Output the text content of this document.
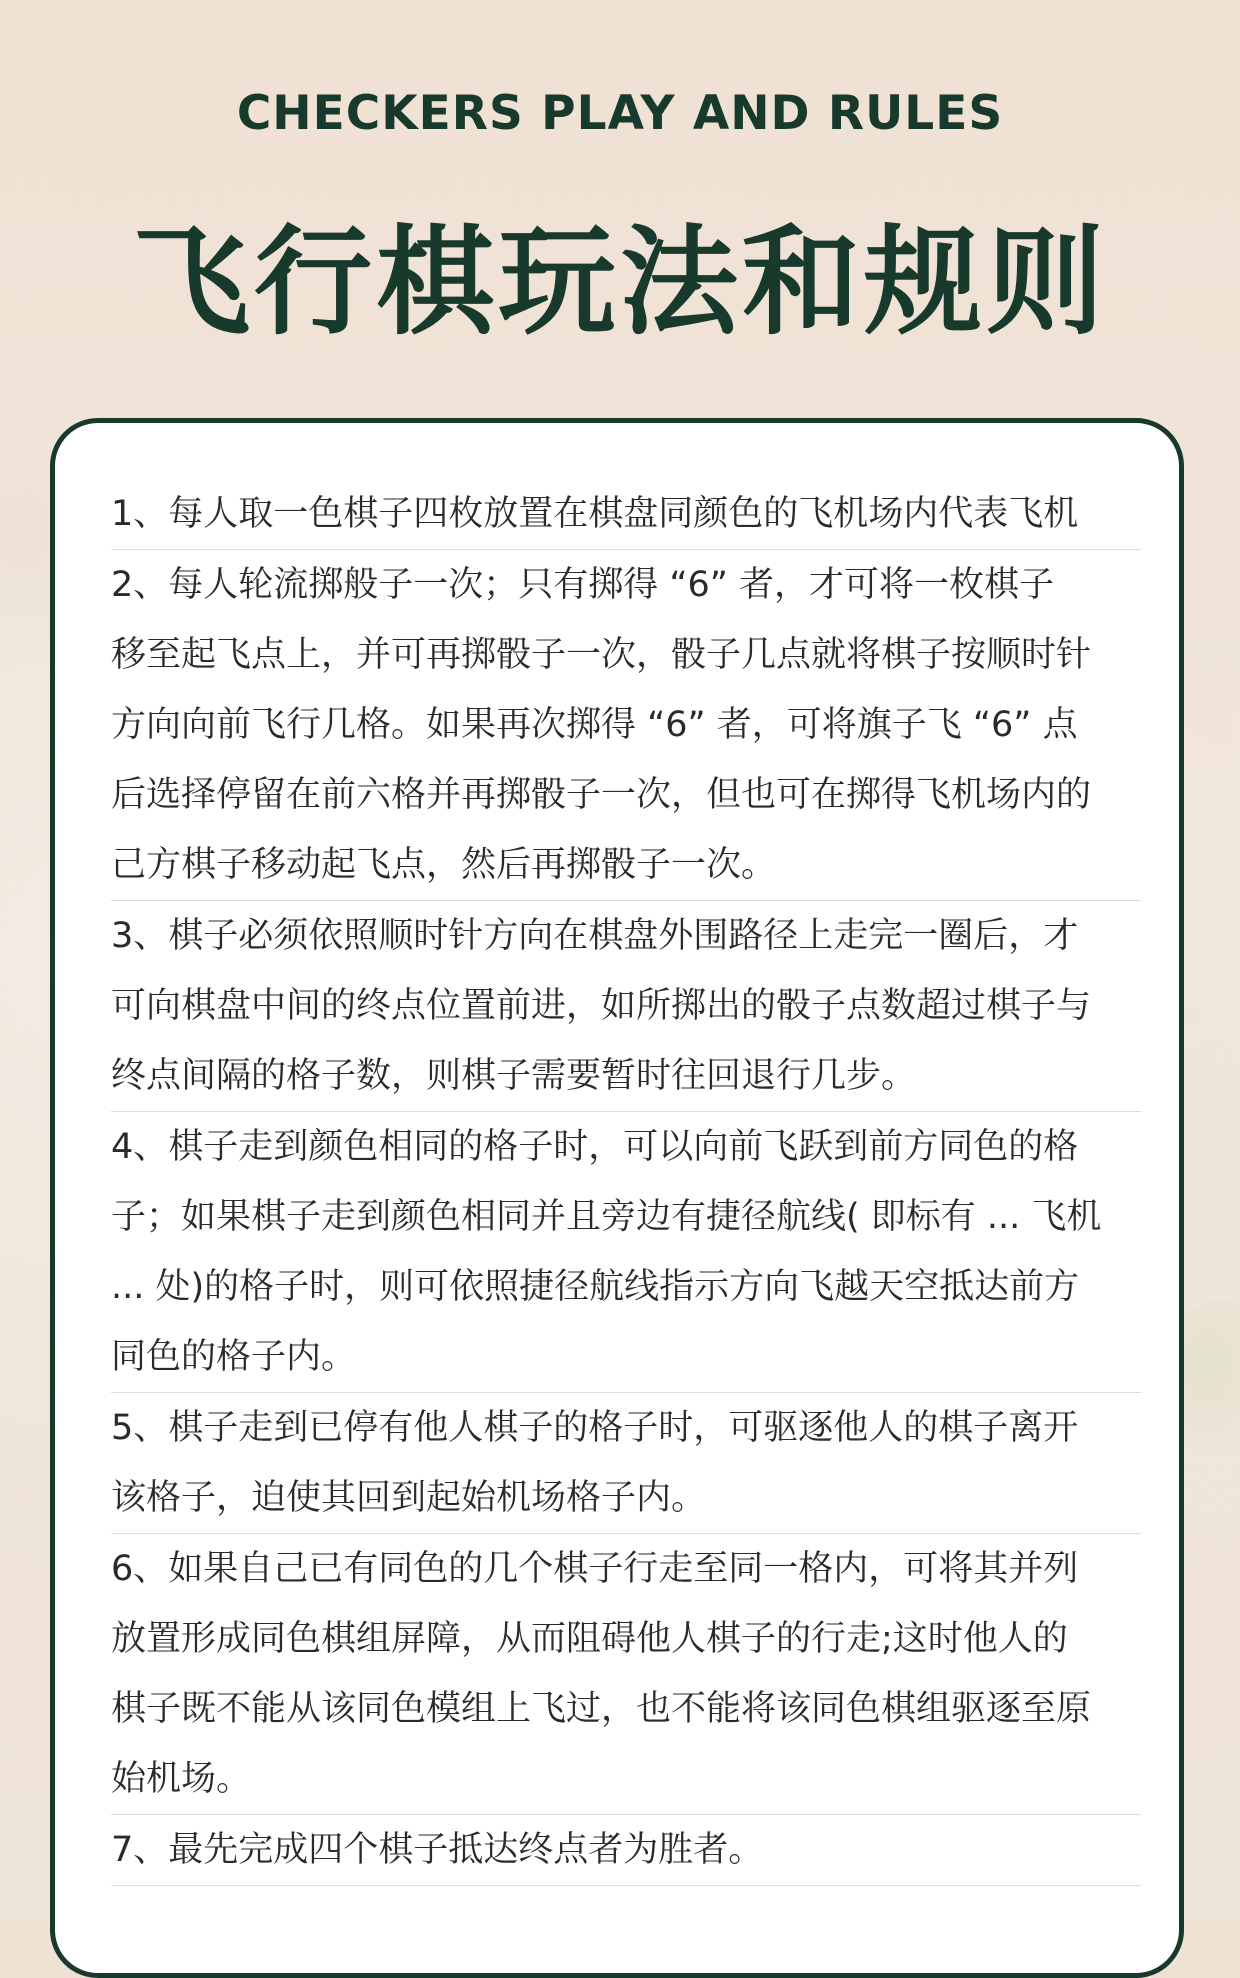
CHECKERS PLAY AND RULES
飞行棋玩法和规则
1、每人取一色棋子四枚放置在棋盘同颜色的飞机场内代表飞机
2、每人轮流掷般子一次；只有掷得 “6” 者，才可将一枚棋子
移至起飞点上，并可再掷骰子一次，骰子几点就将棋子按顺时针
方向向前飞行几格。如果再次掷得 “6” 者，可将旗子飞 “6” 点
后选择停留在前六格并再掷骰子一次，但也可在掷得飞机场内的
己方棋子移动起飞点，然后再掷骰子一次。
3、棋子必须依照顺时针方向在棋盘外围路径上走完一圈后，才
可向棋盘中间的终点位置前进，如所掷出的骰子点数超过棋子与
终点间隔的格子数，则棋子需要暂时往回退行几步。
4、棋子走到颜色相同的格子时，可以向前飞跃到前方同色的格
子；如果棋子走到颜色相同并且旁边有捷径航线( 即标有 ... 飞机
... 处)的格子时，则可依照捷径航线指示方向飞越天空抵达前方
同色的格子内。
5、棋子走到已停有他人棋子的格子时，可驱逐他人的棋子离开
该格子，迫使其回到起始机场格子内。
6、如果自己已有同色的几个棋子行走至同一格内，可将其并列
放置形成同色棋组屏障，从而阻碍他人棋子的行走;这时他人的
棋子既不能从该同色模组上飞过，也不能将该同色棋组驱逐至原
始机场。
7、最先完成四个棋子抵达终点者为胜者。
